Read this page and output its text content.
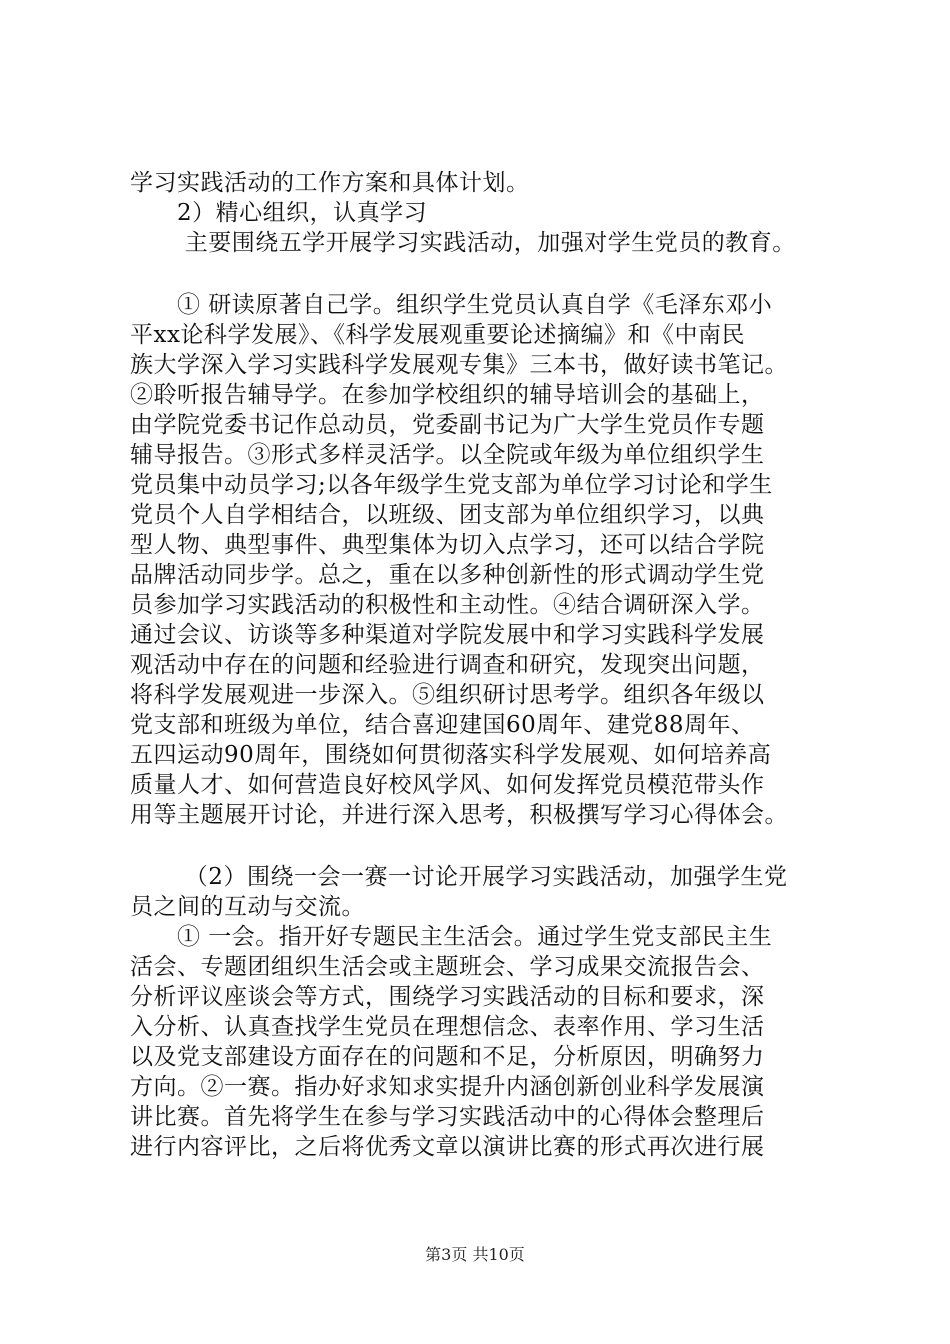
学习实践活动的工作方案和具体计划。
　　2）精心组织，认真学习
　　 主要围绕五学开展学习实践活动，加强对学生党员的教育。
　　① 研读原著自己学。组织学生党员认真自学《毛泽东邓小
平xx论科学发展》、《科学发展观重要论述摘编》和《中南民
族大学深入学习实践科学发展观专集》三本书，做好读书笔记。
②聆听报告辅导学。在参加学校组织的辅导培训会的基础上，
由学院党委书记作总动员，党委副书记为广大学生党员作专题
辅导报告。③形式多样灵活学。以全院或年级为单位组织学生
党员集中动员学习;以各年级学生党支部为单位学习讨论和学生
党员个人自学相结合，以班级、团支部为单位组织学习，以典
型人物、典型事件、典型集体为切入点学习，还可以结合学院
品牌活动同步学。总之，重在以多种创新性的形式调动学生党
员参加学习实践活动的积极性和主动性。④结合调研深入学。
通过会议、访谈等多种渠道对学院发展中和学习实践科学发展
观活动中存在的问题和经验进行调查和研究，发现突出问题，
将科学发展观进一步深入。⑤组织研讨思考学。组织各年级以
党支部和班级为单位，结合喜迎建国60周年、建党88周年、
五四运动90周年，围绕如何贯彻落实科学发展观、如何培养高
质量人才、如何营造良好校风学风、如何发挥党员模范带头作
用等主题展开讨论，并进行深入思考，积极撰写学习心得体会。
　　 （2）围绕一会一赛一讨论开展学习实践活动，加强学生党
员之间的互动与交流。
　　① 一会。指开好专题民主生活会。通过学生党支部民主生
活会、专题团组织生活会或主题班会、学习成果交流报告会、
分析评议座谈会等方式，围绕学习实践活动的目标和要求，深
入分析、认真查找学生党员在理想信念、表率作用、学习生活
以及党支部建设方面存在的问题和不足，分析原因，明确努力
方向。②一赛。指办好求知求实提升内涵创新创业科学发展演
讲比赛。首先将学生在参与学习实践活动中的心得体会整理后
进行内容评比，之后将优秀文章以演讲比赛的形式再次进行展
第3页 共10页
